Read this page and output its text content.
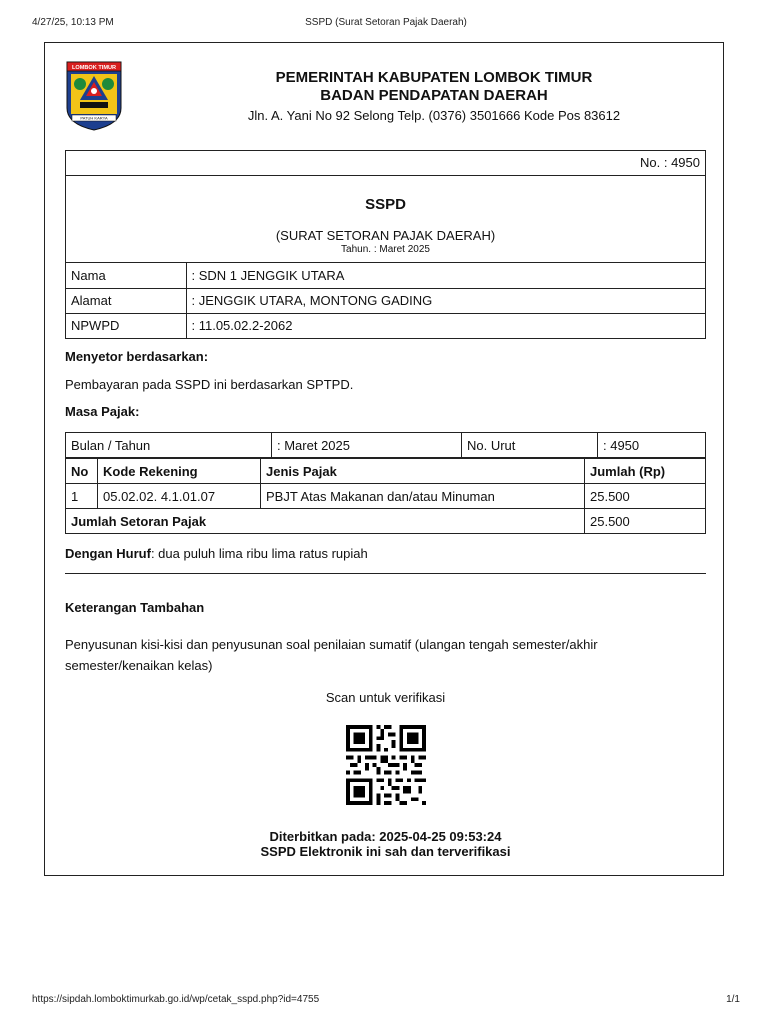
4/27/25, 10:13 PM	SSPD (Surat Setoran Pajak Daerah)
LOMBOK TIMUR
PATUH KARYA
PEMERINTAH KABUPATEN LOMBOK TIMUR
BADAN PENDAPATAN DAERAH
Jln. A. Yani No 92 Selong Telp. (0376) 3501666 Kode Pos 83612
No. : 4950
SSPD
(SURAT SETORAN PAJAK DAERAH)
Tahun. : Maret 2025
Nama	: SDN 1 JENGGIK UTARA
Alamat	: JENGGIK UTARA, MONTONG GADING
NPWPD	: 11.05.02.2-2062
Menyetor berdasarkan:
Pembayaran pada SSPD ini berdasarkan SPTPD.
Masa Pajak:
Bulan / Tahun	: Maret 2025	No. Urut	: 4950
No	Kode Rekening	Jenis Pajak	Jumlah (Rp)
1	05.02.02. 4.1.01.07	PBJT Atas Makanan dan/atau Minuman	25.500
Jumlah Setoran Pajak			25.500
Dengan Huruf: dua puluh lima ribu lima ratus rupiah
Keterangan Tambahan
Penyusunan kisi-kisi dan penyusunan soal penilaian sumatif (ulangan tengah semester/akhir
semester/kenaikan kelas)
Scan untuk verifikasi
Diterbitkan pada: 2025-04-25 09:53:24
SSPD Elektronik ini sah dan terverifikasi
https://sipdah.lomboktimurkab.go.id/wp/cetak_sspd.php?id=4755	1/1
